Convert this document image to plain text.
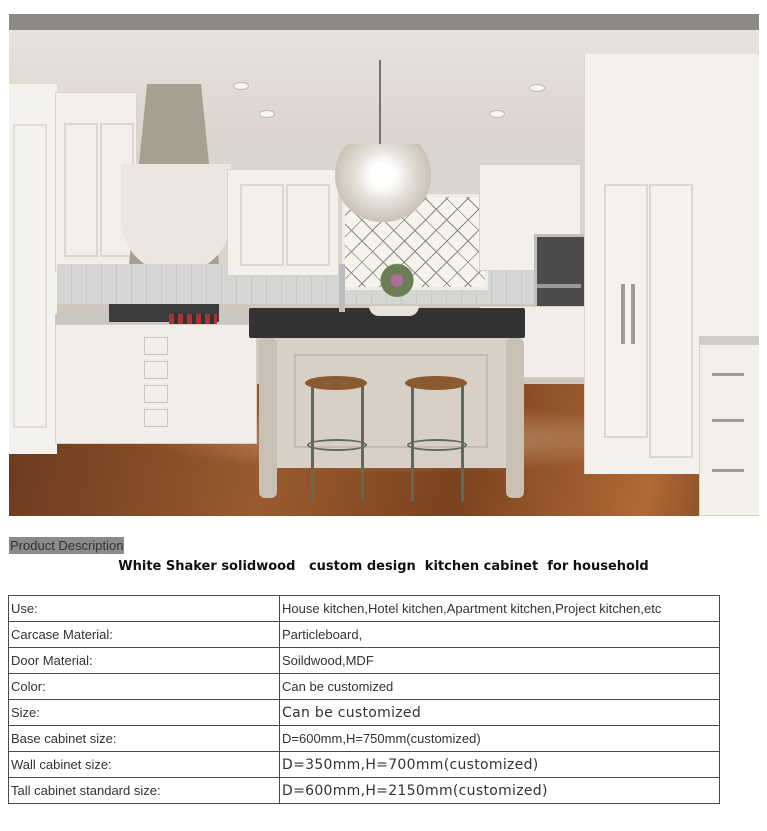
Product Description
White Shaker solidwood   custom design  kitchen cabinet  for household
Use:	House kitchen,Hotel kitchen,Apartment kitchen,Project kitchen,etc
Carcase Material:	Particleboard,
Door Material:	Soildwood,MDF
Color:	Can be customized
Size:	Can be customized
Base cabinet size:	D=600mm,H=750mm(customized)
Wall cabinet size:	D=350mm,H=700mm(customized)
Tall cabinet standard size:	D=600mm,H=2150mm(customized)
